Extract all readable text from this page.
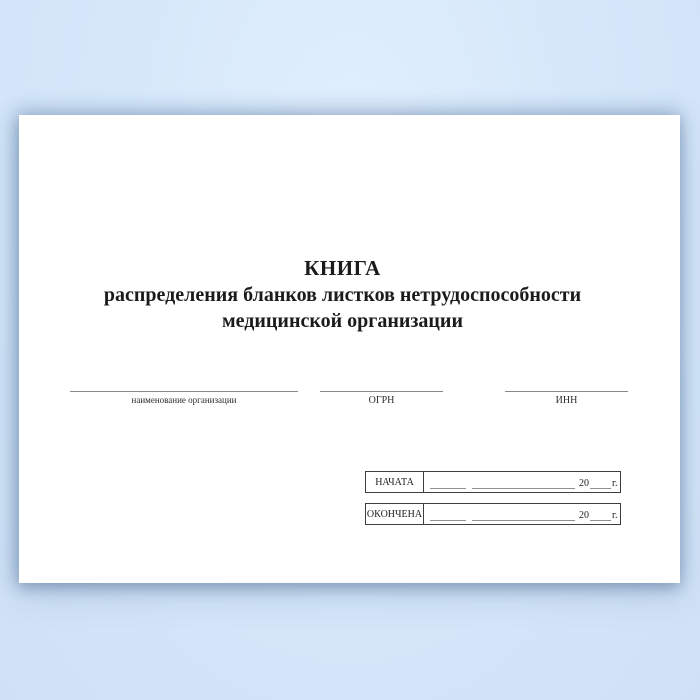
КНИГА
распределения бланков листков нетрудоспособности
медицинской организации
наименование организации	ОГРН	ИНН
НАЧАТА	20 г.
ОКОНЧЕНА	20 г.
